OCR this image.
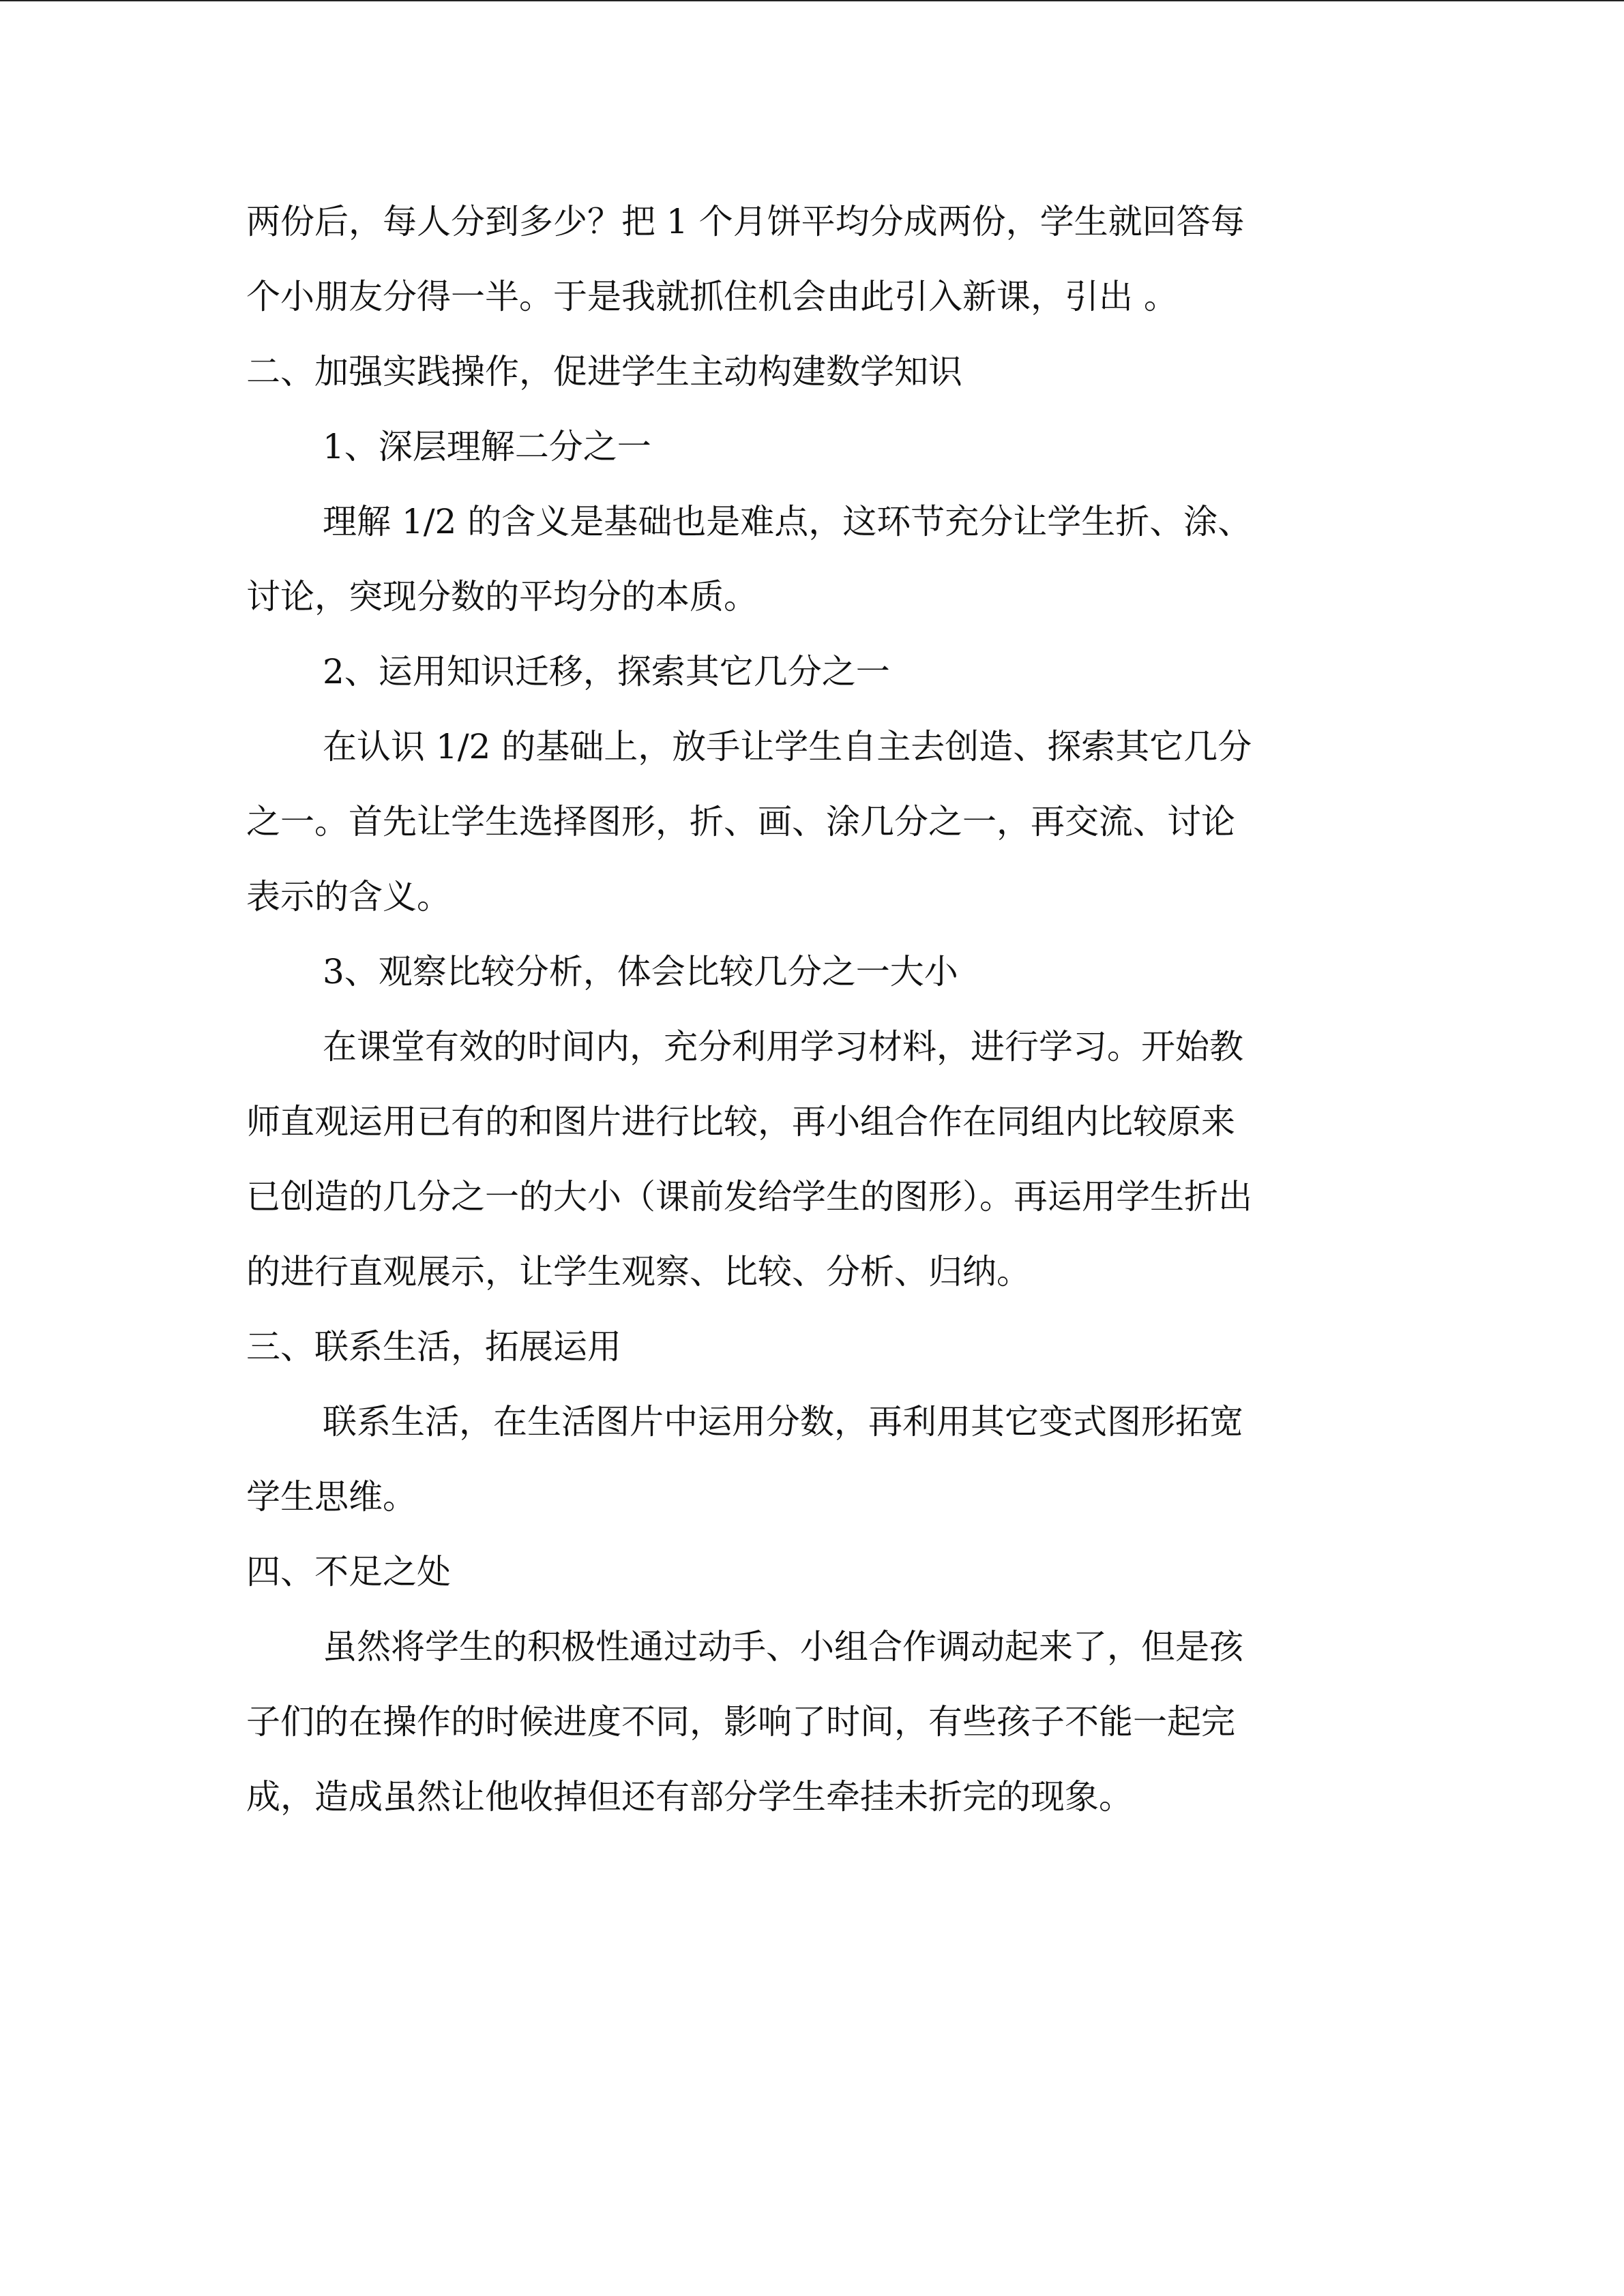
两份后，每人分到多少？把 1 个月饼平均分成两份，学生就回答每

个小朋友分得一半。于是我就抓住机会由此引入新课，引出 。

二、加强实践操作，促进学生主动构建数学知识

1、深层理解二分之一

理解 1/2 的含义是基础也是难点，这环节充分让学生折、涂、

讨论，突现分数的平均分的本质。

2、运用知识迁移，探索其它几分之一

在认识 1/2 的基础上，放手让学生自主去创造、探索其它几分

之一。首先让学生选择图形，折、画、涂几分之一，再交流、讨论

表示的含义。

3、观察比较分析，体会比较几分之一大小

在课堂有效的时间内，充分利用学习材料，进行学习。开始教

师直观运用已有的和图片进行比较，再小组合作在同组内比较原来

已创造的几分之一的大小（课前发给学生的图形）。再运用学生折出

的进行直观展示，让学生观察、比较、分析、归纳。

三、联系生活，拓展运用

联系生活，在生活图片中运用分数，再利用其它变式图形拓宽

学生思维。

四、不足之处

虽然将学生的积极性通过动手、小组合作调动起来了，但是孩

子们的在操作的时候进度不同，影响了时间，有些孩子不能一起完

成，造成虽然让他收掉但还有部分学生牵挂未折完的现象。
